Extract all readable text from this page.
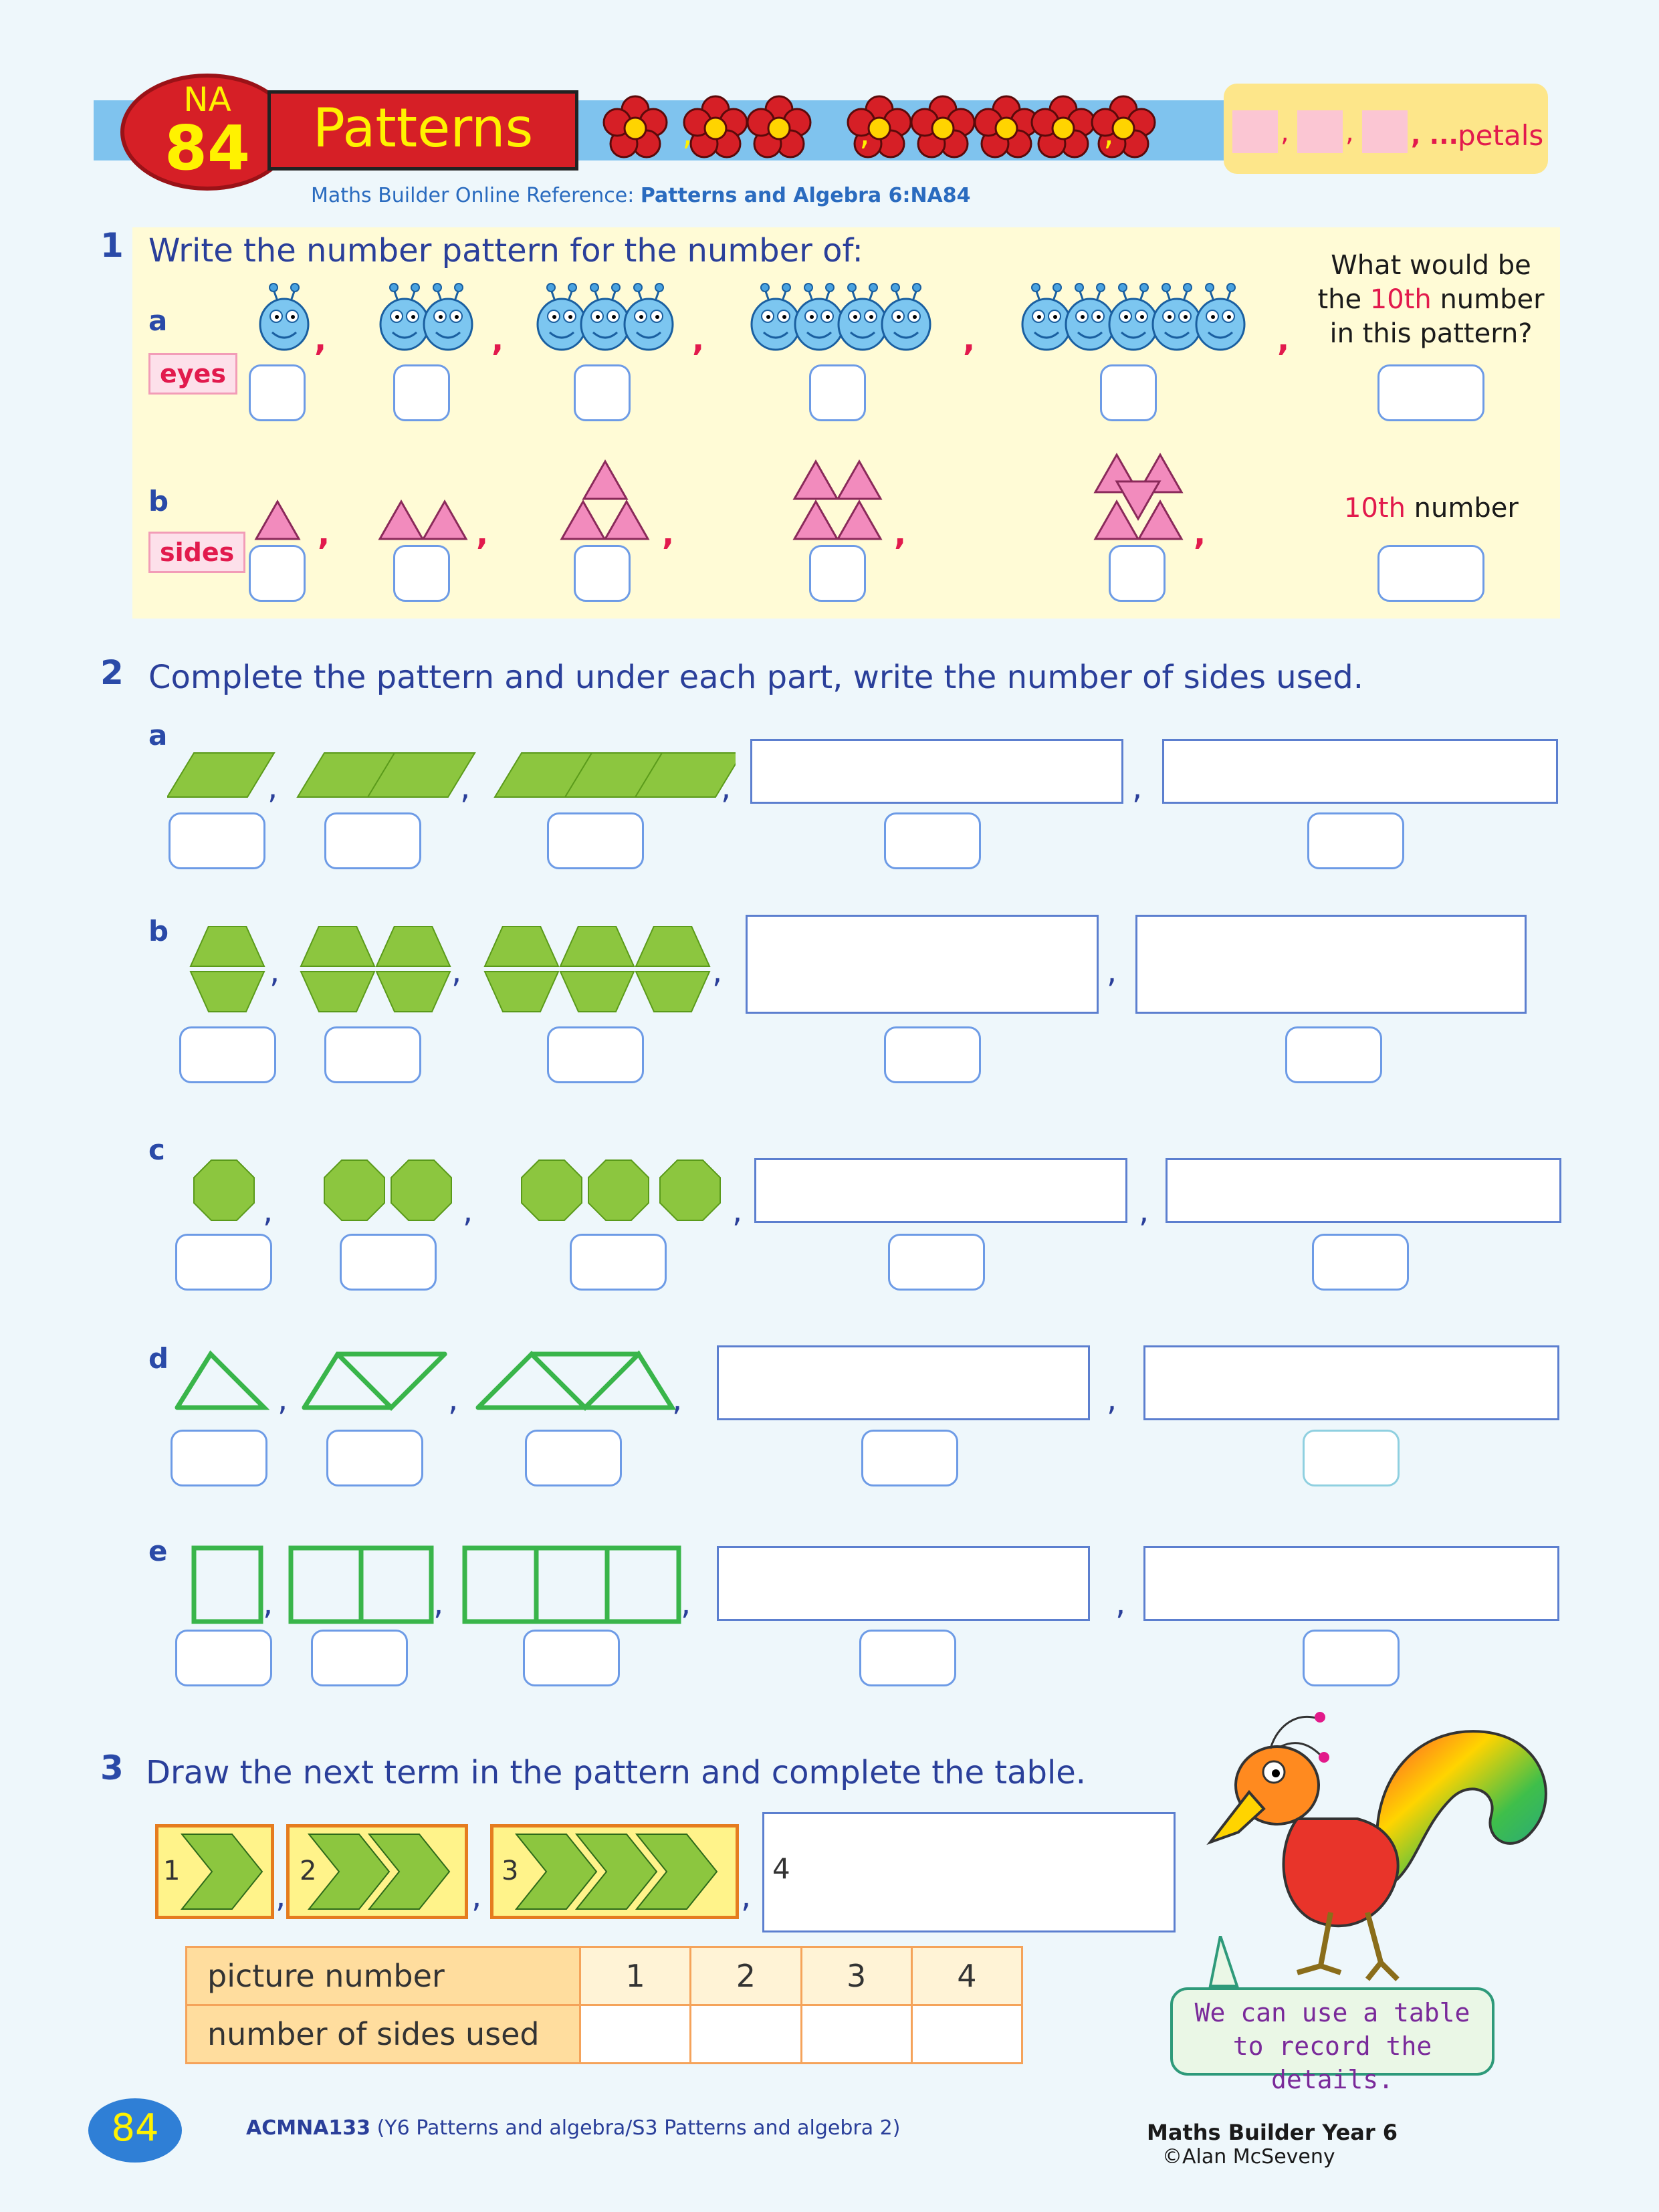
NA
84	Patterns	,	,	,	, , , ... petals
Maths Builder Online Reference: Patterns and Algebra 6:NA84
1 Write the number pattern for the number of:
a
eyes
,	,	,	,	,
What would be
the 10th number
in this pattern?
b
sides	,	,	,	,	,
10th number
2 Complete the pattern and under each part, write the number of sides used.
a
,	,	,	,
b
,	,	,	,
c
,	,	,	,
d
,	,	,	,
e
,	,	,	,
3 Draw the next term in the pattern and complete the table.
1	2	3
,	,	,
4
picture number	1	2	3	4
number of sides used				
We can use a table to record the details.
84	ACMNA133 (Y6 Patterns and algebra/S3 Patterns and algebra 2)	Maths Builder Year 6
©Alan McSeveny
